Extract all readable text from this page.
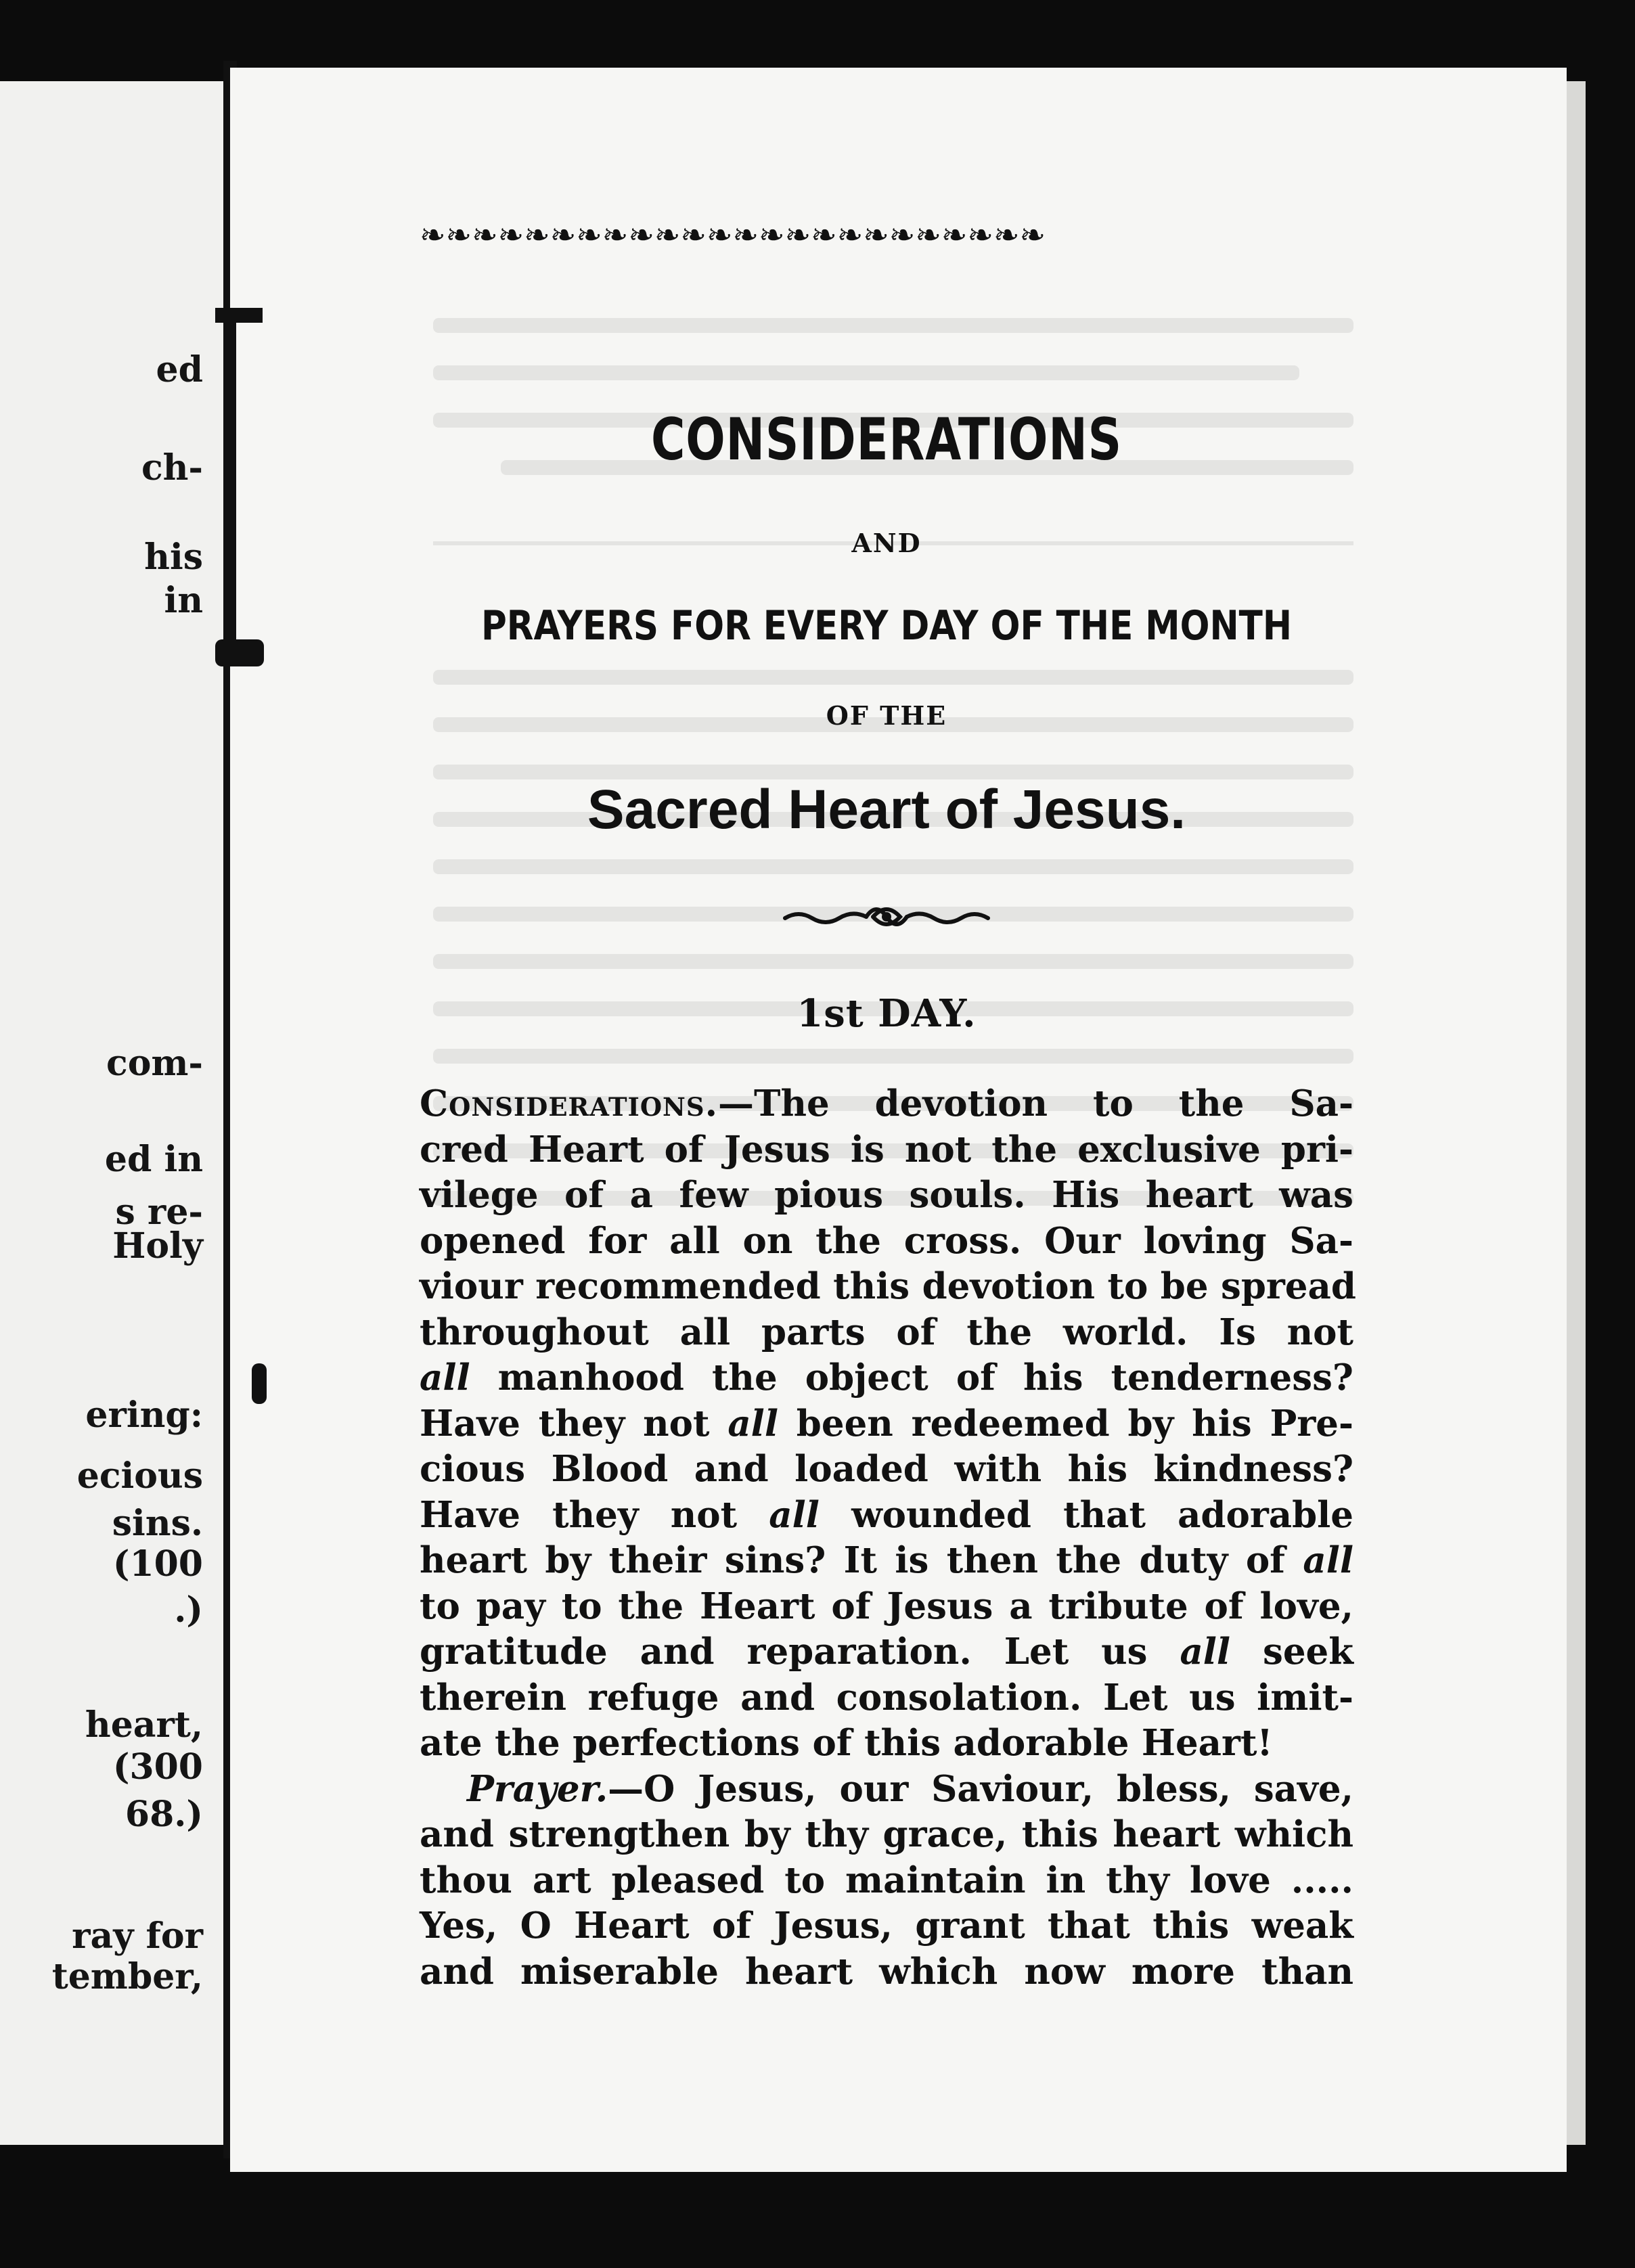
ed
ch-
his
in
com-
ed in
s re-
Holy
ering:
ecious
sins.
(100
.)
heart,
(300
68.)
ray for
tember,
❧❧❧❧❧❧❧❧❧❧❧❧❧❧❧❧❧❧❧❧❧❧❧❧
CONSIDERATIONS
AND
PRAYERS FOR EVERY DAY OF THE MONTH
OF THE
Sacred Heart of Jesus.
1st DAY.
Considerations.—The devotion to the Sa-
cred Heart of Jesus is not the exclusive pri-
vilege of a few pious souls. His heart was
opened for all on the cross. Our loving Sa-
viour recommended this devotion to be spread
throughout all parts of the world. Is not
all manhood the object of his tenderness?
Have they not all been redeemed by his Pre-
cious Blood and loaded with his kindness?
Have they not all wounded that adorable
heart by their sins? It is then the duty of all
to pay to the Heart of Jesus a tribute of love,
gratitude and reparation. Let us all seek
therein refuge and consolation. Let us imit-
ate the perfections of this adorable Heart!
Prayer.—O Jesus, our Saviour, bless, save,
and strengthen by thy grace, this heart which
thou art pleased to maintain in thy love .....
Yes, O Heart of Jesus, grant that this weak
and miserable heart which now more than
